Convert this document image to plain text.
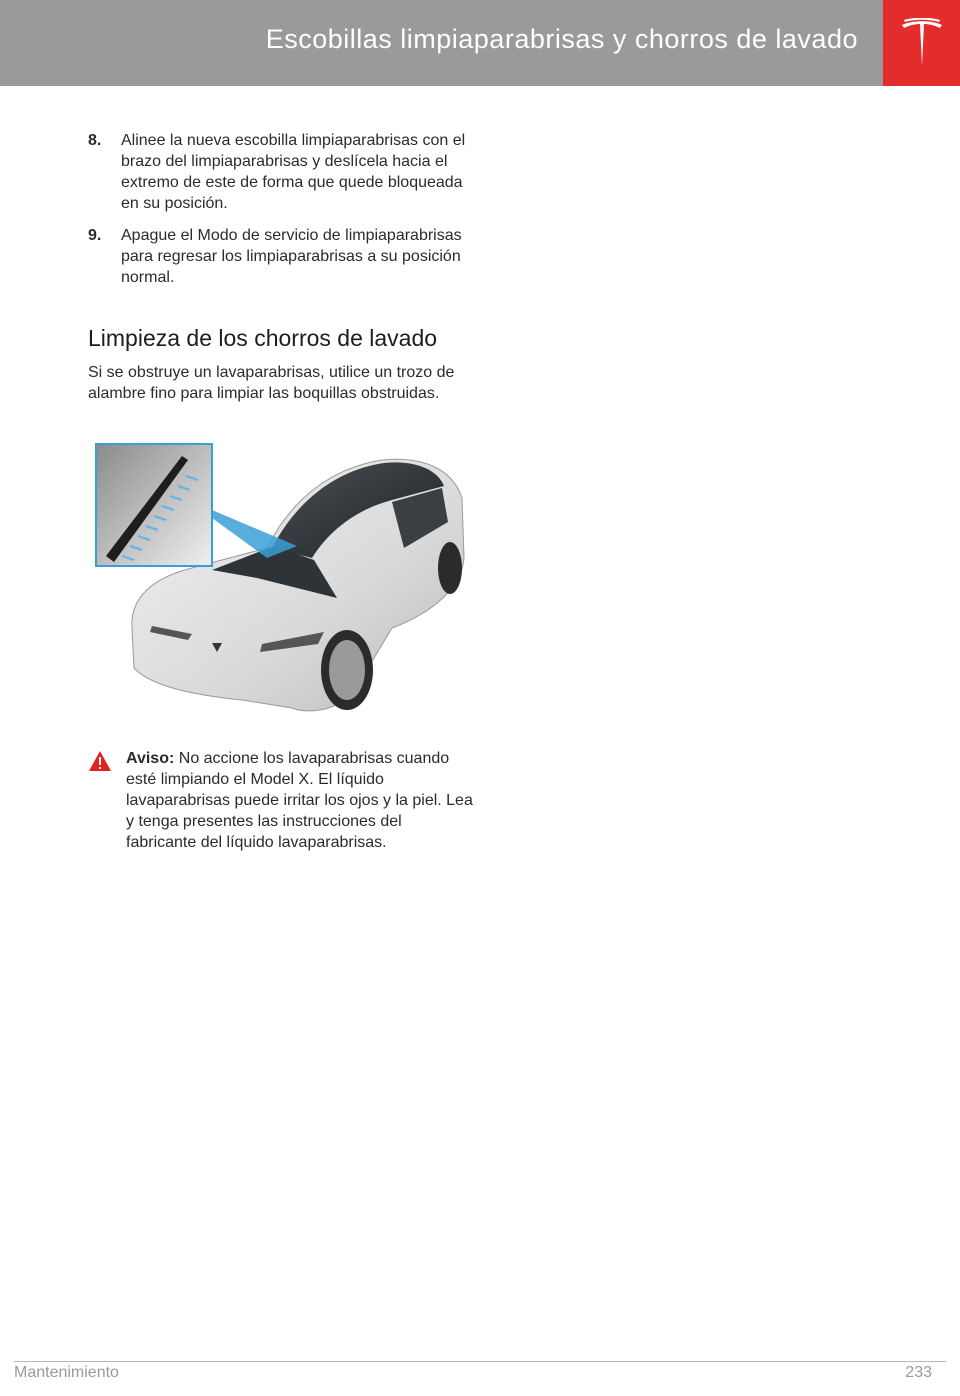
Escobillas limpiaparabrisas y chorros de lavado
8.	Alinee la nueva escobilla limpiaparabrisas con el brazo del limpiaparabrisas y deslícela hacia el extremo de este de forma que quede bloqueada en su posición.
9.	Apague el Modo de servicio de limpiaparabrisas para regresar los limpiaparabrisas a su posición normal.
Limpieza de los chorros de lavado
Si se obstruye un lavaparabrisas, utilice un trozo de alambre fino para limpiar las boquillas obstruidas.
Aviso: No accione los lavaparabrisas cuando esté limpiando el Model X. El líquido lavaparabrisas puede irritar los ojos y la piel. Lea y tenga presentes las instrucciones del fabricante del líquido lavaparabrisas.
Mantenimiento	233
